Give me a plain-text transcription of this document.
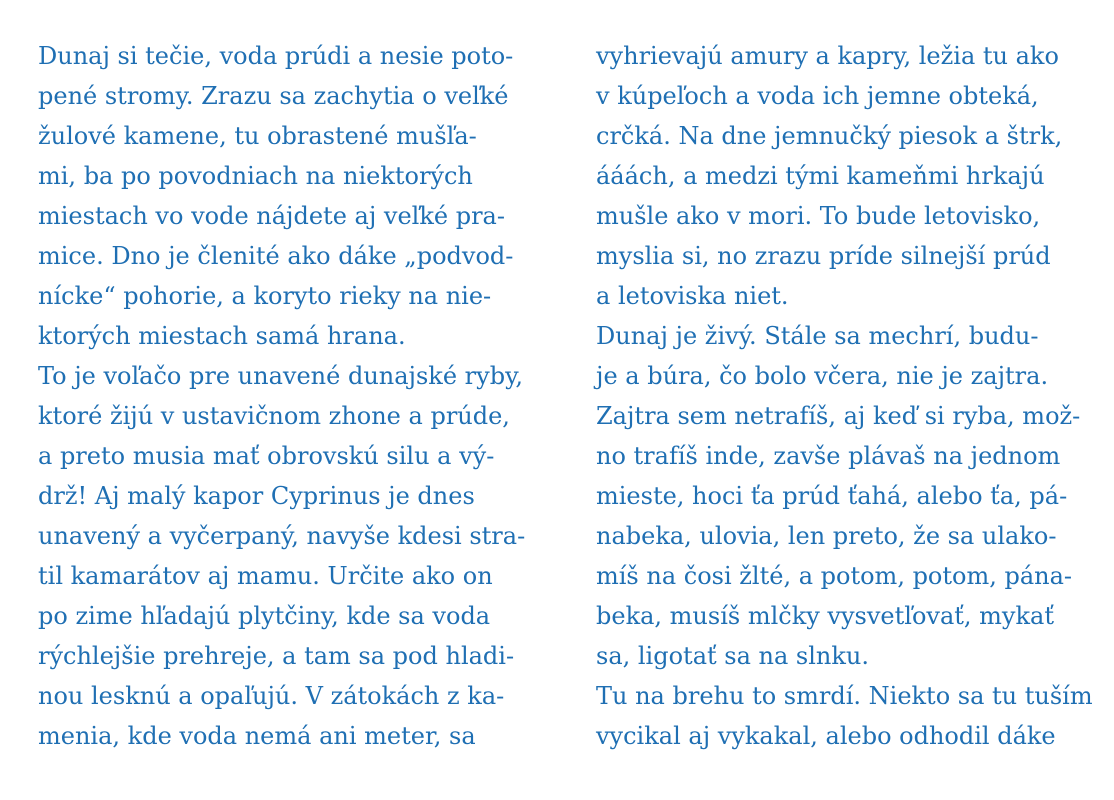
Dunaj si tečie, voda prúdi a nesie poto-
pené stromy. Zrazu sa zachytia o veľké
žulové kamene, tu obrastené mušľa-
mi, ba po povodniach na niektorých
miestach vo vode nájdete aj veľké pra-
mice. Dno je členité ako dáke „podvod-
nícke“ pohorie, a koryto rieky na nie-
ktorých miestach samá hrana.
To je voľačo pre unavené dunajské ryby,
ktoré žijú v ustavičnom zhone a prúde,
a preto musia mať obrovskú silu a vý-
drž! Aj malý kapor Cyprinus je dnes
unavený a vyčerpaný, navyše kdesi stra-
til kamarátov aj mamu. Určite ako on
po zime hľadajú plytčiny, kde sa voda
rýchlejšie prehreje, a tam sa pod hladi-
nou lesknú a opaľujú. V zátokách z ka-
menia, kde voda nemá ani meter, sa
vyhrievajú amury a kapry, ležia tu ako
v kúpeľoch a voda ich jemne obteká,
crčká. Na dne jemnučký piesok a štrk,
ááách, a medzi tými kameňmi hrkajú
mušle ako v mori. To bude letovisko,
myslia si, no zrazu príde silnejší prúd
a letoviska niet.
Dunaj je živý. Stále sa mechrí, budu-
je a búra, čo bolo včera, nie je zajtra.
Zajtra sem netrafíš, aj keď si ryba, mož-
no trafíš inde, zavše plávaš na jednom
mieste, hoci ťa prúd ťahá, alebo ťa, pá-
nabeka, ulovia, len preto, že sa ulako-
míš na čosi žlté, a potom, potom, pána-
beka, musíš mlčky vysvetľovať, mykať
sa, ligotať sa na slnku.
Tu na brehu to smrdí. Niekto sa tu tuším
vycikal aj vykakal, alebo odhodil dáke
